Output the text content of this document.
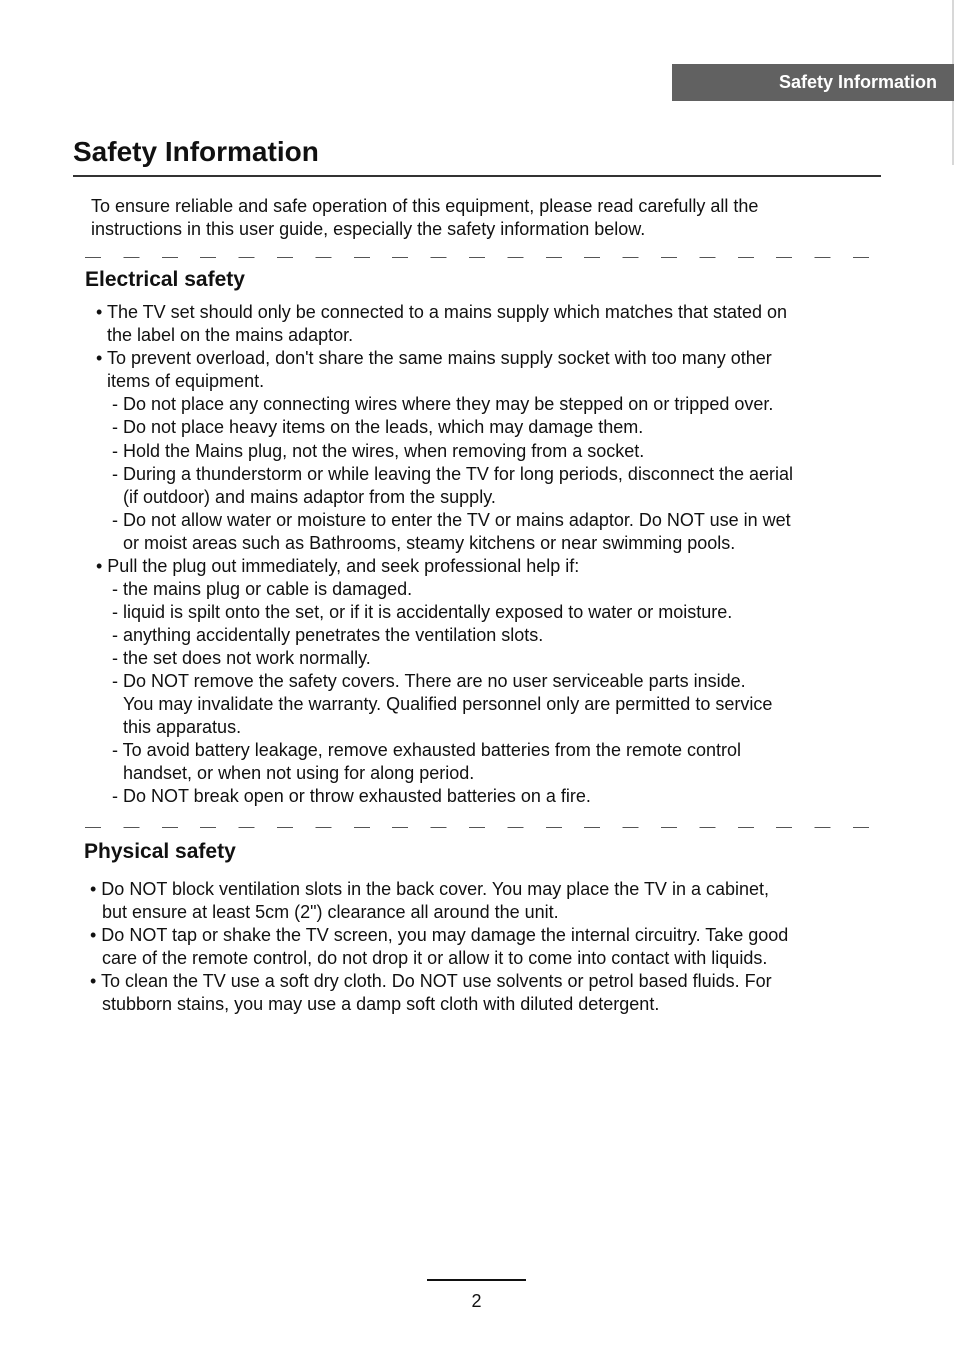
Safety Information
Safety Information
To ensure reliable and safe operation of this equipment, please read carefully all the
instructions in this user guide, especially the safety information below.
Electrical safety
• The TV set should only be connected to a mains supply which matches that stated on
the label on the mains adaptor.
• To prevent overload, don't share the same mains supply socket with too many other
items of equipment.
- Do not place any connecting wires where they may be stepped on or tripped over.
- Do not place heavy items on the leads, which may damage them.
- Hold the Mains plug, not the wires, when removing from a socket.
- During a thunderstorm or while leaving the TV for long periods, disconnect the aerial
(if outdoor) and mains adaptor from the supply.
- Do not allow water or moisture to enter the TV or mains adaptor. Do NOT use in wet
or moist areas such as Bathrooms, steamy kitchens or near swimming pools.
• Pull the plug out immediately, and seek professional help if:
- the mains plug or cable is damaged.
- liquid is spilt onto the set, or if it is accidentally exposed to water or moisture.
- anything accidentally penetrates the ventilation slots.
- the set does not work normally.
- Do NOT remove the safety covers. There are no user serviceable parts inside.
You may invalidate the warranty. Qualified personnel only are permitted to service
this apparatus.
- To avoid battery leakage, remove exhausted batteries from the remote control
handset, or when not using for along period.
- Do NOT break open or throw exhausted batteries on a fire.
Physical safety
• Do NOT block ventilation slots in the back cover. You may place the TV in a cabinet,
but ensure at least 5cm (2") clearance all around the unit.
• Do NOT tap or shake the TV screen, you may damage the internal circuitry. Take good
care of the remote control, do not drop it or allow it to come into contact with liquids.
• To clean the TV use a soft dry cloth. Do NOT use solvents or petrol based fluids. For
stubborn stains, you may use a damp soft cloth with diluted detergent.
2
